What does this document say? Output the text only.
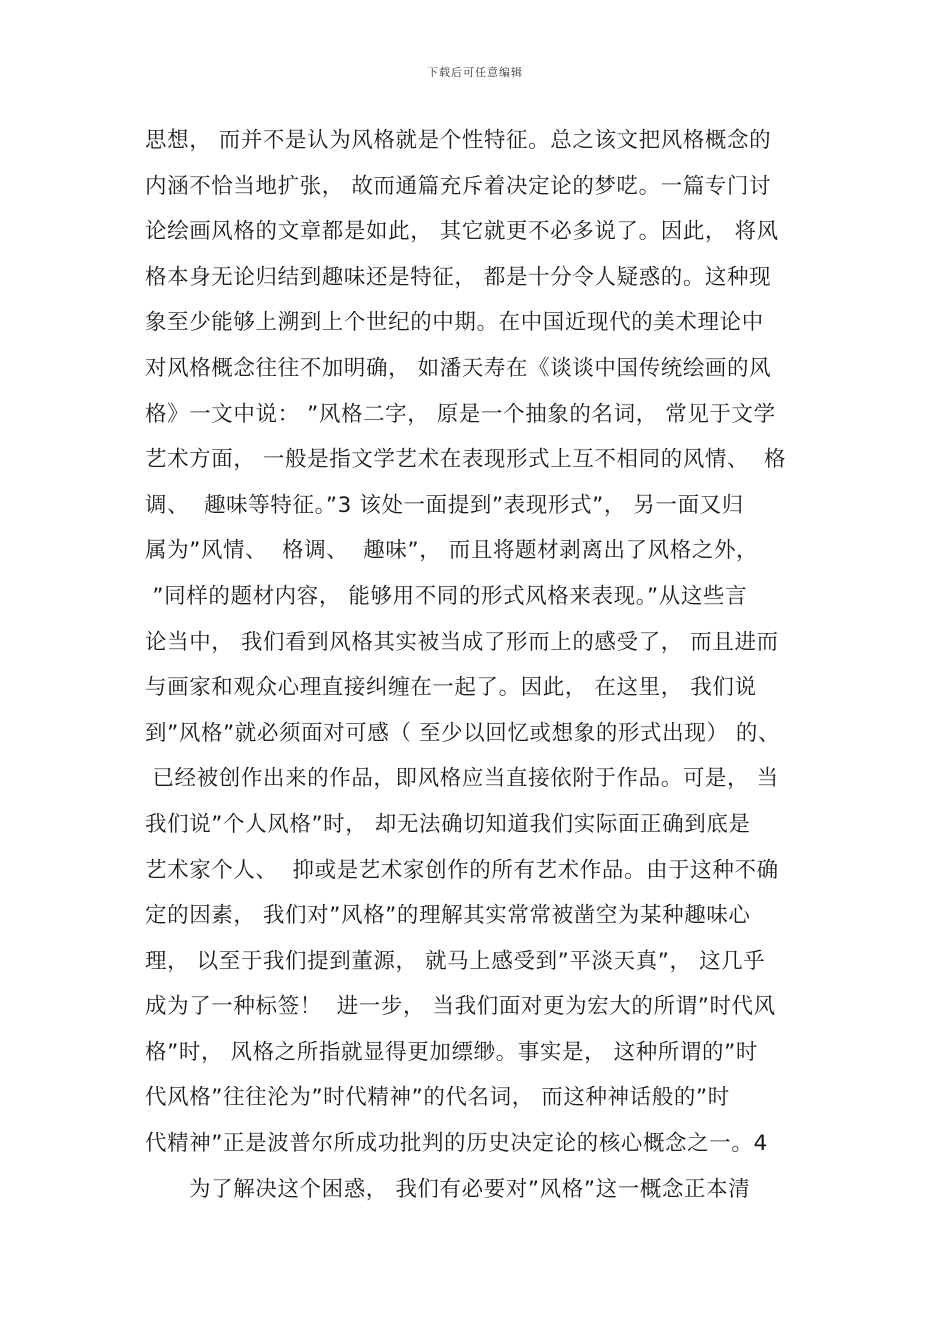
下载后可任意编辑
思想， 而并不是认为风格就是个性特征。总之该文把风格概念的
内涵不恰当地扩张， 故而通篇充斥着决定论的梦呓。一篇专门讨
论绘画风格的文章都是如此， 其它就更不必多说了。因此， 将风
格本身无论归结到趣味还是特征， 都是十分令人疑惑的。这种现
象至少能够上溯到上个世纪的中期。在中国近现代的美术理论中
对风格概念往往不加明确， 如潘天寿在《谈谈中国传统绘画的风
格》一文中说： ”风格二字， 原是一个抽象的名词， 常见于文学
艺术方面， 一般是指文学艺术在表现形式上互不相同的风情、  格
调、  趣味等特征。”3 该处一面提到”表现形式”， 另一面又归
属为”风情、  格调、  趣味”， 而且将题材剥离出了风格之外，
”同样的题材内容， 能够用不同的形式风格来表现。”从这些言
论当中， 我们看到风格其实被当成了形而上的感受了， 而且进而
与画家和观众心理直接纠缠在一起了。因此， 在这里， 我们说
到”风格”就必须面对可感（ 至少以回忆或想象的形式出现） 的、
已经被创作出来的作品，即风格应当直接依附于作品。可是， 当
我们说”个人风格”时， 却无法确切知道我们实际面正确到底是
艺术家个人、  抑或是艺术家创作的所有艺术作品。由于这种不确
定的因素， 我们对”风格”的理解其实常常被凿空为某种趣味心
理， 以至于我们提到董源， 就马上感受到”平淡天真”， 这几乎
成为了一种标签！  进一步， 当我们面对更为宏大的所谓”时代风
格”时， 风格之所指就显得更加缥缈。事实是， 这种所谓的”时
代风格”往往沦为”时代精神”的代名词， 而这种神话般的”时
代精神”正是波普尔所成功批判的历史决定论的核心概念之一。4
为了解决这个困惑， 我们有必要对”风格”这一概念正本清
